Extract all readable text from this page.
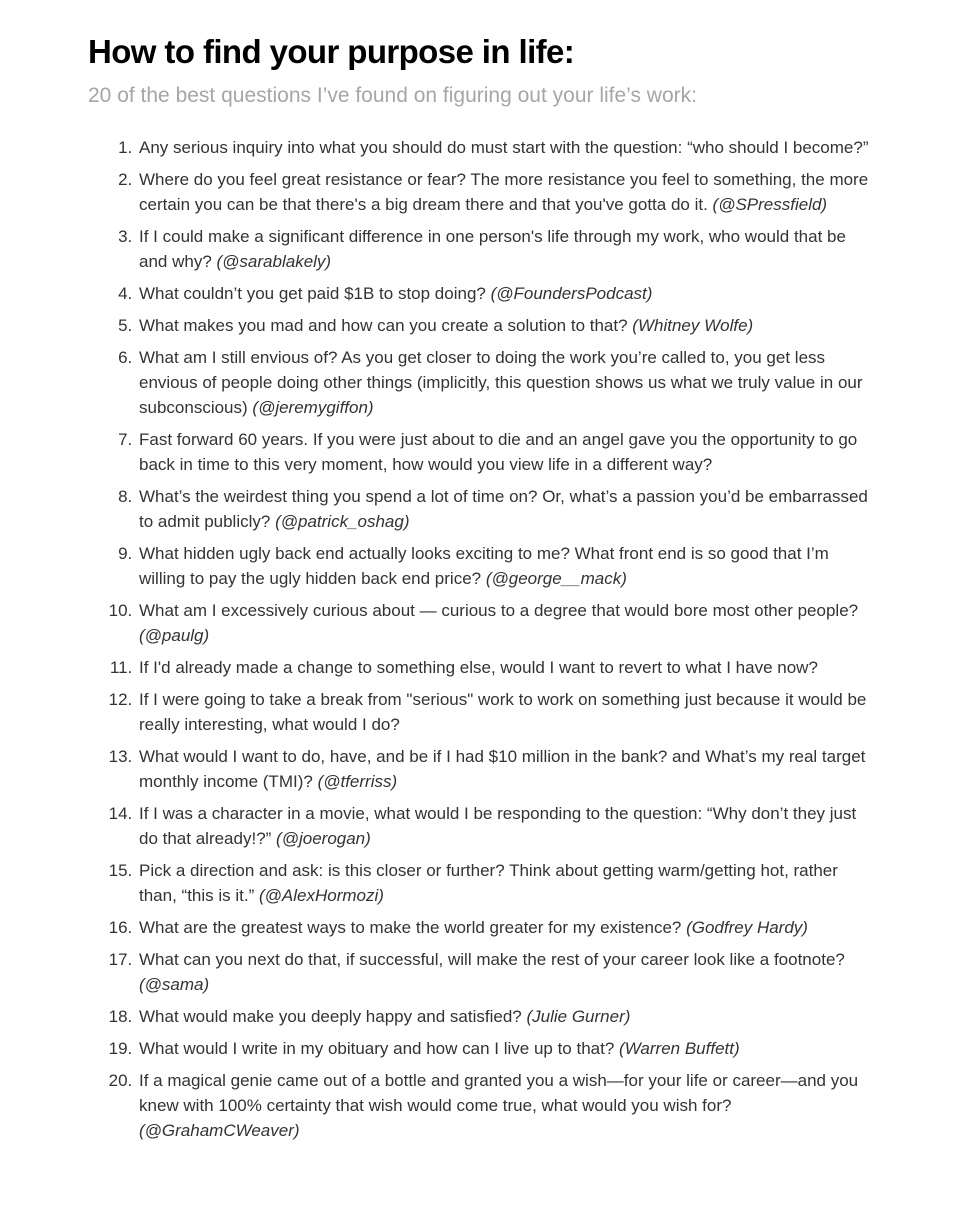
How to find your purpose in life:

20 of the best questions I’ve found on figuring out your life’s work:

1. Any serious inquiry into what you should do must start with the question: “who should I become?”
2. Where do you feel great resistance or fear? The more resistance you feel to something, the more certain you can be that there's a big dream there and that you've gotta do it. (@SPressfield)
3. If I could make a significant difference in one person's life through my work, who would that be and why? (@sarablakely)
4. What couldn’t you get paid $1B to stop doing? (@FoundersPodcast)
5. What makes you mad and how can you create a solution to that? (Whitney Wolfe)
6. What am I still envious of? As you get closer to doing the work you’re called to, you get less envious of people doing other things (implicitly, this question shows us what we truly value in our subconscious) (@jeremygiffon)
7. Fast forward 60 years. If you were just about to die and an angel gave you the opportunity to go back in time to this very moment, how would you view life in a different way?
8. What’s the weirdest thing you spend a lot of time on? Or, what’s a passion you’d be embarrassed to admit publicly? (@patrick_oshag)
9. What hidden ugly back end actually looks exciting to me? What front end is so good that I’m willing to pay the ugly hidden back end price? (@george__mack)
10. What am I excessively curious about — curious to a degree that would bore most other people? (@paulg)
11. If I'd already made a change to something else, would I want to revert to what I have now?
12. If I were going to take a break from "serious" work to work on something just because it would be really interesting, what would I do?
13. What would I want to do, have, and be if I had $10 million in the bank? and What’s my real target monthly income (TMI)? (@tferriss)
14. If I was a character in a movie, what would I be responding to the question: “Why don’t they just do that already!?” (@joerogan)
15. Pick a direction and ask: is this closer or further? Think about getting warm/getting hot, rather than, “this is it.” (@AlexHormozi)
16. What are the greatest ways to make the world greater for my existence? (Godfrey Hardy)
17. What can you next do that, if successful, will make the rest of your career look like a footnote? (@sama)
18. What would make you deeply happy and satisfied? (Julie Gurner)
19. What would I write in my obituary and how can I live up to that? (Warren Buffett)
20. If a magical genie came out of a bottle and granted you a wish—for your life or career—and you knew with 100% certainty that wish would come true, what would you wish for? (@GrahamCWeaver)
